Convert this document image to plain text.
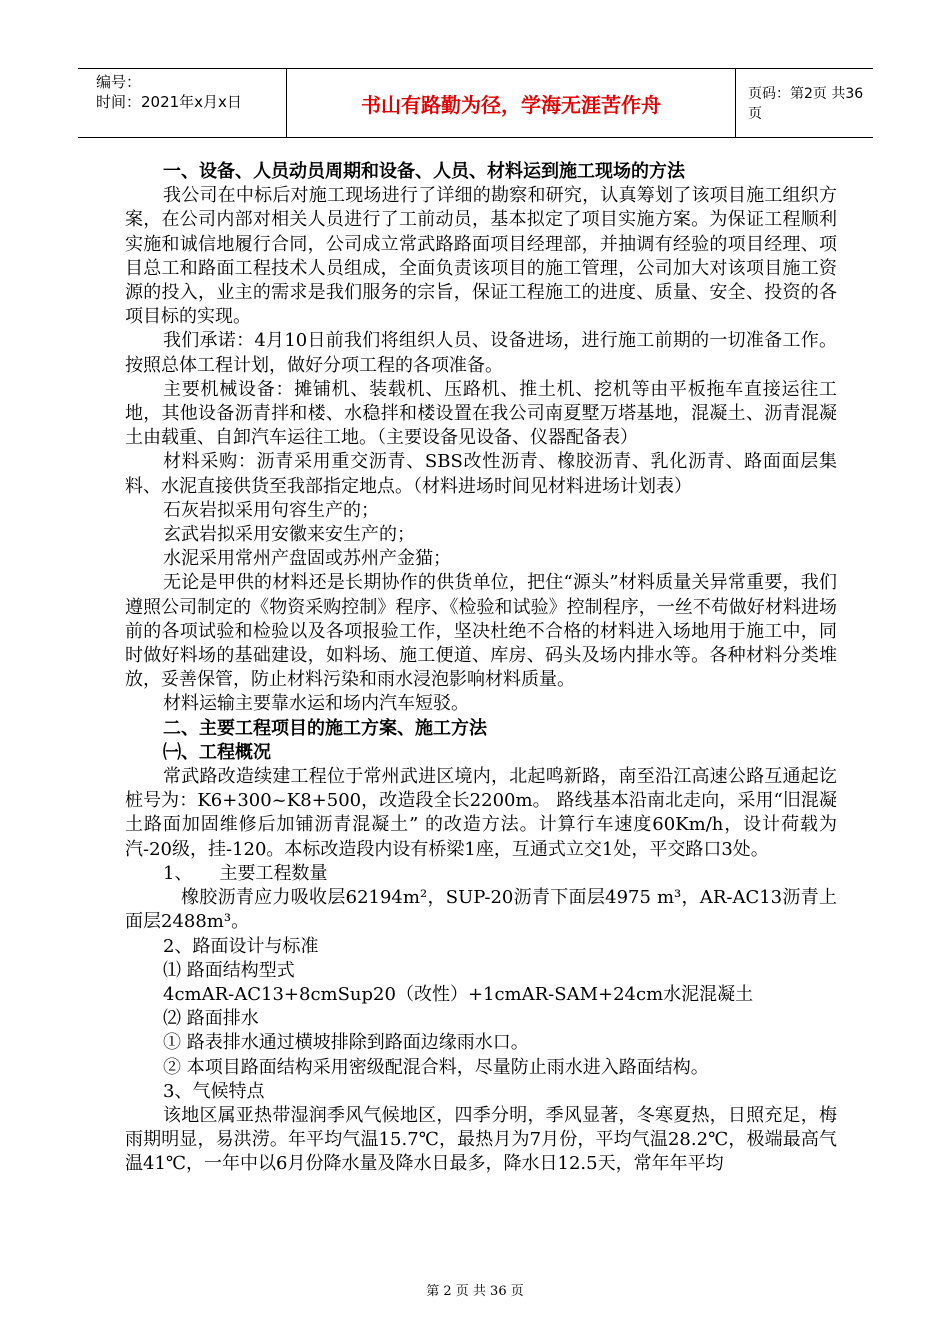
编号：
时间：2021年x月x日	书山有路勤为径，学海无涯苦作舟	页码：第2页 共36页

一、设备、人员动员周期和设备、人员、材料运到施工现场的方法

我公司在中标后对施工现场进行了详细的勘察和研究，认真筹划了该项目施工组织方案，在公司内部对相关人员进行了工前动员，基本拟定了项目实施方案。为保证工程顺利实施和诚信地履行合同，公司成立常武路路面项目经理部，并抽调有经验的项目经理、项目总工和路面工程技术人员组成，全面负责该项目的施工管理，公司加大对该项目施工资源的投入，业主的需求是我们服务的宗旨，保证工程施工的进度、质量、安全、投资的各项目标的实现。

我们承诺：4月10日前我们将组织人员、设备进场，进行施工前期的一切准备工作。按照总体工程计划，做好分项工程的各项准备。

主要机械设备：摊铺机、装载机、压路机、推土机、挖机等由平板拖车直接运往工地，其他设备沥青拌和楼、水稳拌和楼设置在我公司南夏墅万塔基地，混凝土、沥青混凝土由载重、自卸汽车运往工地。（主要设备见设备、仪器配备表）

材料采购：沥青采用重交沥青、SBS改性沥青、橡胶沥青、乳化沥青、路面面层集料、水泥直接供货至我部指定地点。（材料进场时间见材料进场计划表）

石灰岩拟采用句容生产的；

玄武岩拟采用安徽来安生产的；

水泥采用常州产盘固或苏州产金猫；

无论是甲供的材料还是长期协作的供货单位，把住“源头”材料质量关异常重要，我们遵照公司制定的《物资采购控制》程序、《检验和试验》控制程序，一丝不苟做好材料进场前的各项试验和检验以及各项报验工作，坚决杜绝不合格的材料进入场地用于施工中，同时做好料场的基础建设，如料场、施工便道、库房、码头及场内排水等。各种材料分类堆放，妥善保管，防止材料污染和雨水浸泡影响材料质量。

材料运输主要靠水运和场内汽车短驳。

二、主要工程项目的施工方案、施工方法

㈠、工程概况

常武路改造续建工程位于常州武进区境内，北起鸣新路，南至沿江高速公路互通起讫桩号为：K6+300~K8+500，改造段全长2200m。 路线基本沿南北走向，采用“旧混凝土路面加固维修后加铺沥青混凝土” 的改造方法。计算行车速度60Km/h，设计荷载为汽-20级，挂-120。本标改造段内设有桥梁1座，互通式立交1处，平交路口3处。

1、　　主要工程数量

橡胶沥青应力吸收层62194m²，SUP-20沥青下面层4975 m³，AR-AC13沥青上面层2488m³。

2、路面设计与标准

⑴ 路面结构型式

4cmAR-AC13+8cmSup20（改性）+1cmAR-SAM+24cm水泥混凝土

⑵ 路面排水

① 路表排水通过横坡排除到路面边缘雨水口。

② 本项目路面结构采用密级配混合料，尽量防止雨水进入路面结构。

3、气候特点

该地区属亚热带湿润季风气候地区，四季分明，季风显著，冬寒夏热，日照充足，梅雨期明显，易洪涝。年平均气温15.7℃，最热月为7月份，平均气温28.2℃，极端最高气温41℃，一年中以6月份降水量及降水日最多，降水日12.5天，常年年平均

第 2 页 共 36 页
